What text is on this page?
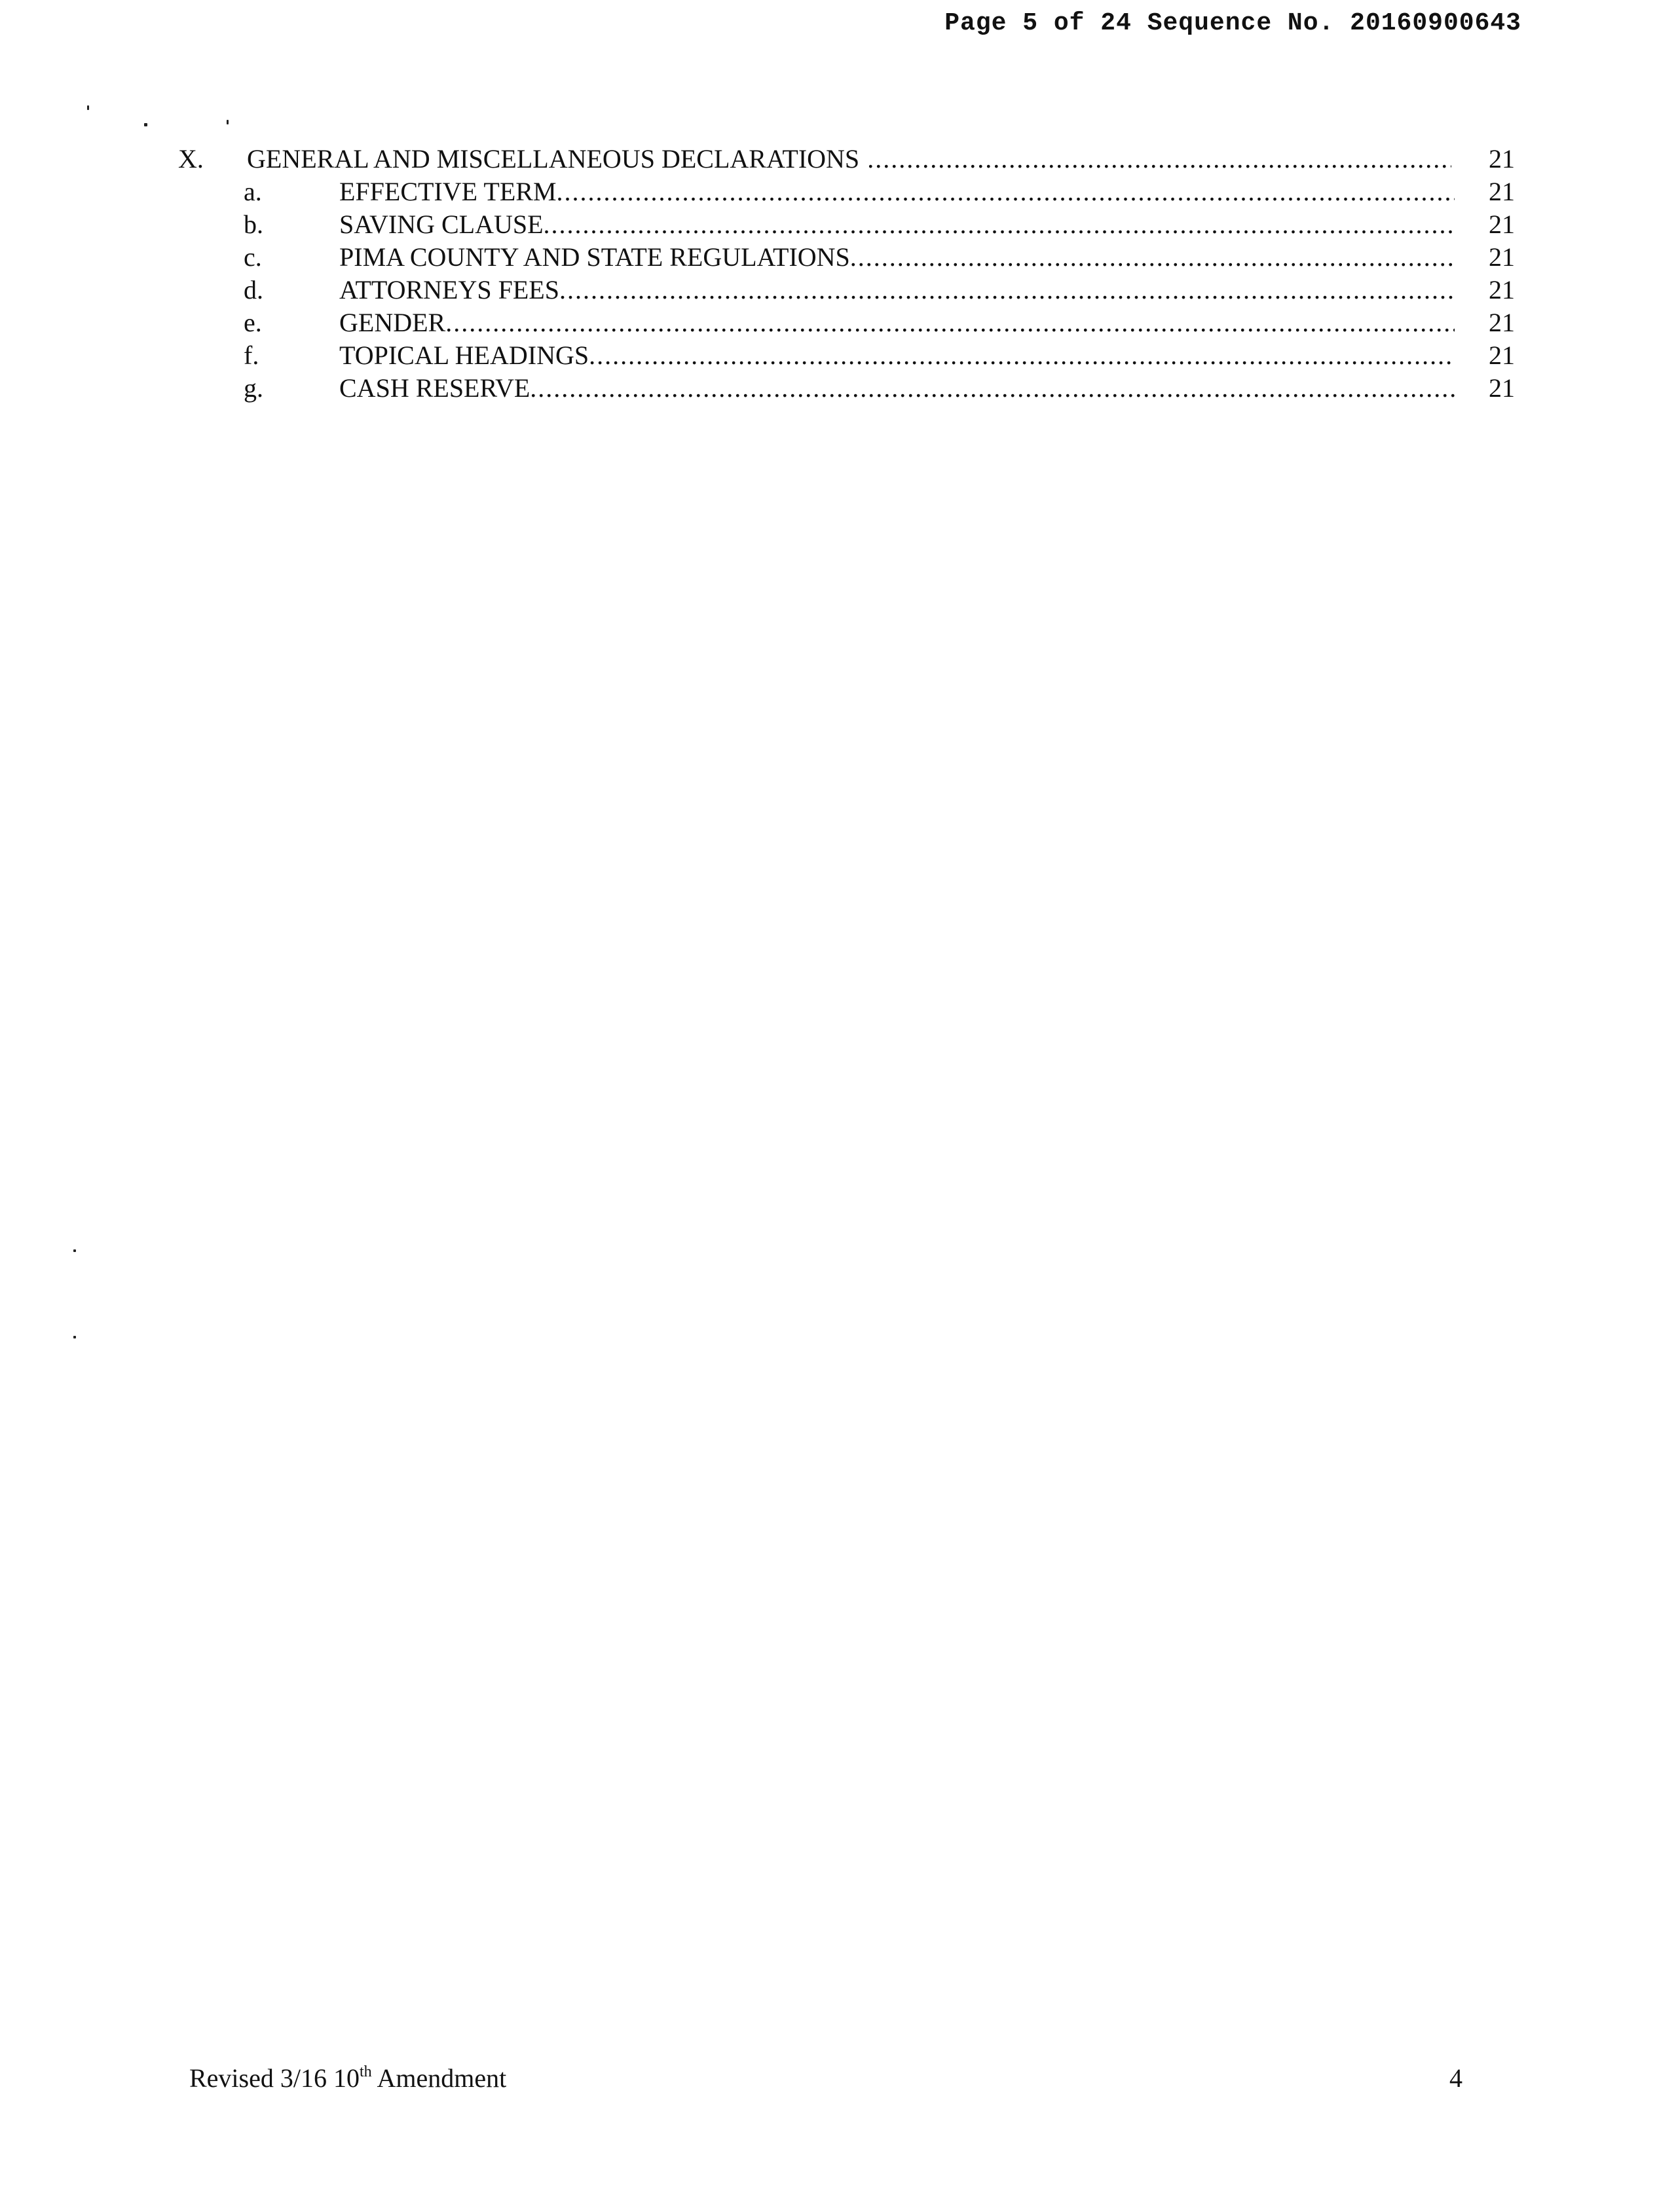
Page 5 of 24 Sequence No. 20160900643
X. GENERAL AND MISCELLANEOUS DECLARATIONS .....	21
a.	EFFECTIVE TERM .....	21
b.	SAVING CLAUSE .....	21
c.	PIMA COUNTY AND STATE REGULATIONS .....	21
d.	ATTORNEYS FEES .....	21
e.	GENDER .....	21
f.	TOPICAL HEADINGS .....	21
g.	CASH RESERVE .....	21
Revised 3/16 10th Amendment	4
